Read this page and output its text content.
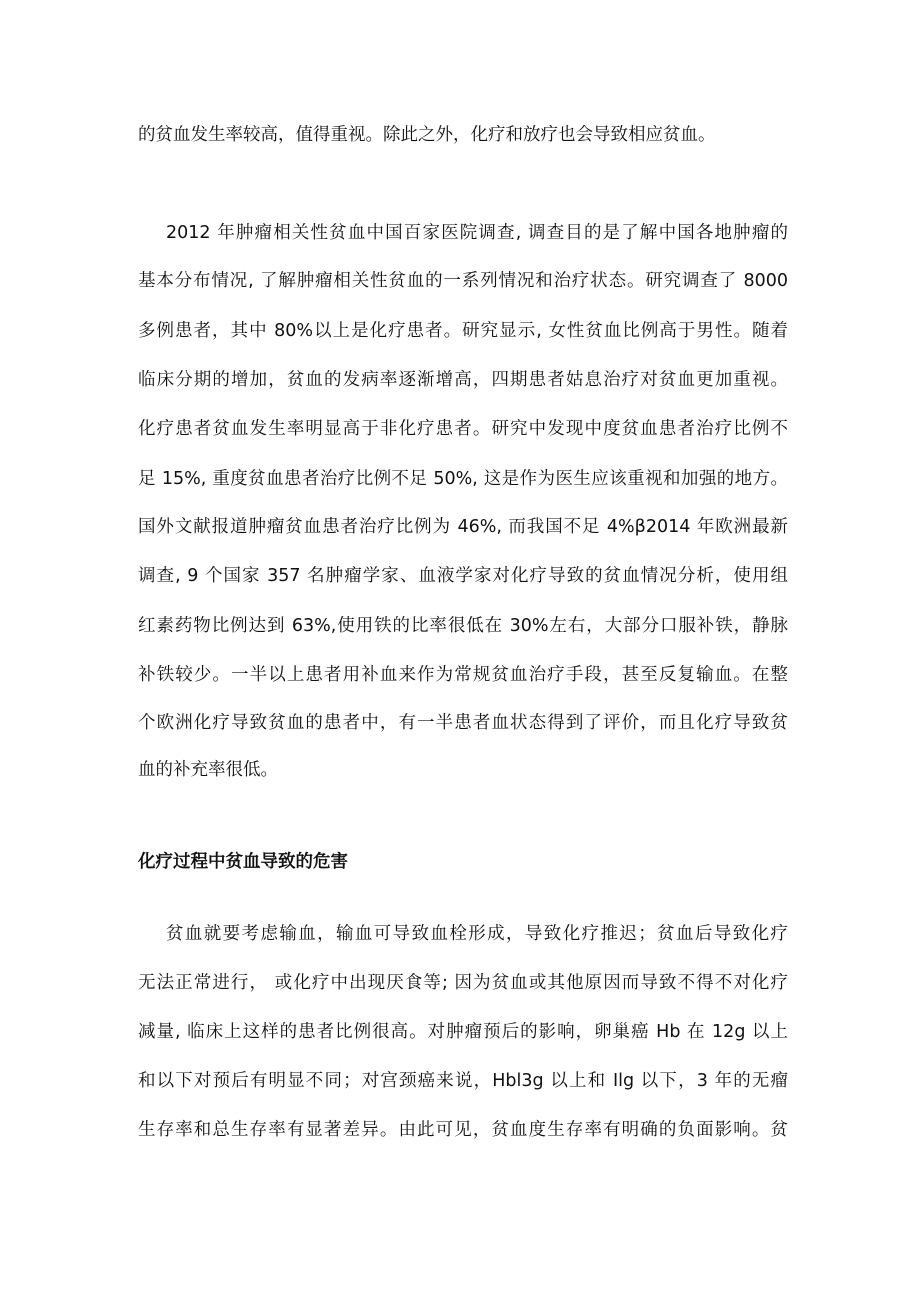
的贫血发生率较高，值得重视。除此之外，化疗和放疗也会导致相应贫血。
2012 年肿瘤相关性贫血中国百家医院调查, 调查目的是了解中国各地肿瘤的
基本分布情况, 了解肿瘤相关性贫血的一系列情况和治疗状态。研究调查了 8000
多例患者，其中 80%以上是化疗患者。研究显示, 女性贫血比例高于男性。随着
临床分期的增加，贫血的发病率逐渐增高，四期患者姑息治疗对贫血更加重视。
化疗患者贫血发生率明显高于非化疗患者。研究中发现中度贫血患者治疗比例不
足 15%, 重度贫血患者治疗比例不足 50%, 这是作为医生应该重视和加强的地方。
国外文献报道肿瘤贫血患者治疗比例为 46%, 而我国不足 4%β2014 年欧洲最新
调查, 9 个国家 357 名肿瘤学家、血液学家对化疗导致的贫血情况分析，使用组
红素药物比例达到 63%,使用铁的比率很低在 30%左右，大部分口服补铁，静脉
补铁较少。一半以上患者用补血来作为常规贫血治疗手段，甚至反复输血。在整
个欧洲化疗导致贫血的患者中，有一半患者血状态得到了评价，而且化疗导致贫
血的补充率很低。
化疗过程中贫血导致的危害
贫血就要考虑输血，输血可导致血栓形成，导致化疗推迟；贫血后导致化疗
无法正常进行， 或化疗中出现厌食等; 因为贫血或其他原因而导致不得不对化疗
减量, 临床上这样的患者比例很高。对肿瘤预后的影响，卵巢癌 Hb 在 12g 以上
和以下对预后有明显不同；对宫颈癌来说，Hbl3g 以上和 Ilg 以下，3 年的无瘤
生存率和总生存率有显著差异。由此可见，贫血度生存率有明确的负面影响。贫
